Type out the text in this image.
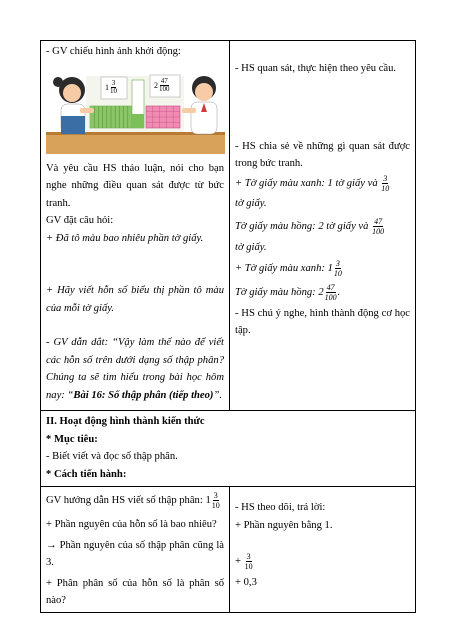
- GV chiếu hình ảnh khởi động:

$1 \frac{3}{10}$	$2 \frac{47}{100}$

Và yêu cầu HS thảo luận, nói cho bạn nghe những điều quan sát được từ bức tranh.

GV đặt câu hỏi:

+ Đã tô màu bao nhiêu phần tờ giấy.

+ Hãy viết hỗn số biểu thị phần tô màu của mỗi tờ giấy.

- GV dẫn dắt: “Vậy làm thế nào để viết các hỗn số trên dưới dạng số thập phân? Chúng ta sẽ tìm hiểu trong bài học hôm nay: “Bài 16: Số thập phân (tiếp theo)”.

- HS quan sát, thực hiện theo yêu cầu.

- HS chia sẻ về những gì quan sát được trong bức tranh.

+ Tờ giấy màu xanh: 1 tờ giấy và $\frac{3}{10}$

tờ giấy.

Tờ giấy màu hồng: 2 tờ giấy và $\frac{47}{100}$

tờ giấy.

+ Tờ giấy màu xanh: $1 \frac{3}{10}$

Tờ giấy màu hồng: $2 \frac{47}{100}$ .

- HS chú ý nghe, hình thành động cơ học tập.

II. Hoạt động hình thành kiến thức

* Mục tiêu:

- Biết viết và đọc số thập phân.

* Cách tiến hành:

GV hướng dẫn HS viết số thập phân: $1 \frac{3}{10}$

+ Phần nguyên của hỗn số là bao nhiêu?

→ Phần nguyên của số thập phân cũng là 3.

+ Phân phân số của hỗn số là phân số nào?

- HS theo dõi, trả lời:

+ Phần nguyên bằng 1.

+ $\frac{3}{10}$

+ 0,3
